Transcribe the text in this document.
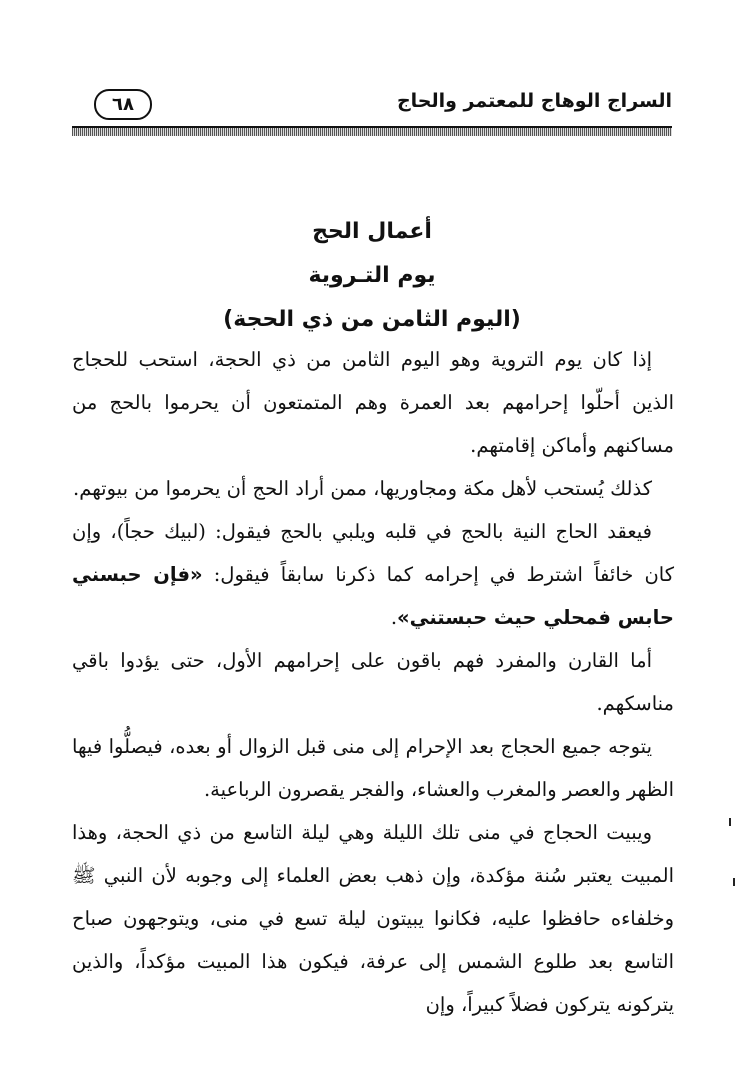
السراج الوهاج للمعتمر والحاج
٦٨
أعمال الحج
يوم التـروية
(اليوم الثامن من ذي الحجة)

إذا كان يوم التروية وهو اليوم الثامن من ذي الحجة، استحب للحجاج الذين أحلّوا إحرامهم بعد العمرة وهم المتمتعون أن يحرموا بالحج من مساكنهم وأماكن إقامتهم.

كذلك يُستحب لأهل مكة ومجاوريها، ممن أراد الحج أن يحرموا من بيوتهم.

فيعقد الحاج النية بالحج في قلبه ويلبي بالحج فيقول: (لبيك حجاً)، وإن كان خائفاً اشترط في إحرامه كما ذكرنا سابقاً فيقول: «فإن حبسني حابس فمحلي حيث حبستني».

أما القارن والمفرد فهم باقون على إحرامهم الأول، حتى يؤدوا باقي مناسكهم.

يتوجه جميع الحجاج بعد الإحرام إلى منى قبل الزوال أو بعده، فيصلُّوا فيها الظهر والعصر والمغرب والعشاء، والفجر يقصرون الرباعية.

ويبيت الحجاج في منى تلك الليلة وهي ليلة التاسع من ذي الحجة، وهذا المبيت يعتبر سُنة مؤكدة، وإن ذهب بعض العلماء إلى وجوبه لأن النبي ﷺ وخلفاءه حافظوا عليه، فكانوا يبيتون ليلة تسع في منى، ويتوجهون صباح التاسع بعد طلوع الشمس إلى عرفة، فيكون هذا المبيت مؤكداً، والذين يتركونه يتركون فضلاً كبيراً، وإن
